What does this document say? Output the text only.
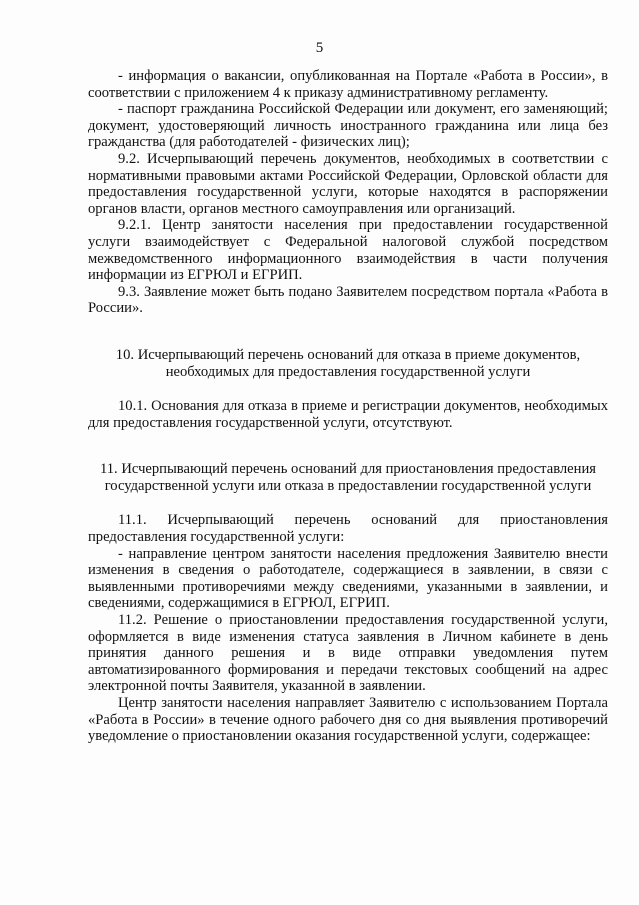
5

- информация о вакансии, опубликованная на Портале «Работа в России», в соответствии с приложением 4 к приказу административному регламенту.

- паспорт гражданина Российской Федерации или документ, его заменяющий; документ, удостоверяющий личность иностранного гражданина или лица без гражданства (для работодателей - физических лиц);

9.2. Исчерпывающий перечень документов, необходимых в соответствии с нормативными правовыми актами Российской Федерации, Орловской области для предоставления государственной услуги, которые находятся в распоряжении органов власти, органов местного самоуправления или организаций.

9.2.1. Центр занятости населения при предоставлении государственной услуги взаимодействует с Федеральной налоговой службой посредством межведомственного информационного взаимодействия в части получения информации из ЕГРЮЛ и ЕГРИП.

9.3. Заявление может быть подано Заявителем посредством портала «Работа в России».

10. Исчерпывающий перечень оснований для отказа в приеме документов, необходимых для предоставления государственной услуги

10.1. Основания для отказа в приеме и регистрации документов, необходимых для предоставления государственной услуги, отсутствуют.

11. Исчерпывающий перечень оснований для приостановления предоставления государственной услуги или отказа в предоставлении государственной услуги

11.1. Исчерпывающий перечень оснований для приостановления предоставления государственной услуги:

- направление центром занятости населения предложения Заявителю внести изменения в сведения о работодателе, содержащиеся в заявлении, в связи с выявленными противоречиями между сведениями, указанными в заявлении, и сведениями, содержащимися в ЕГРЮЛ, ЕГРИП.

11.2. Решение о приостановлении предоставления государственной услуги, оформляется в виде изменения статуса заявления в Личном кабинете в день принятия данного решения и в виде отправки уведомления путем автоматизированного формирования и передачи текстовых сообщений на адрес электронной почты Заявителя, указанной в заявлении.

Центр занятости населения направляет Заявителю с использованием Портала «Работа в России» в течение одного рабочего дня со дня выявления противоречий уведомление о приостановлении оказания государственной услуги, содержащее:
